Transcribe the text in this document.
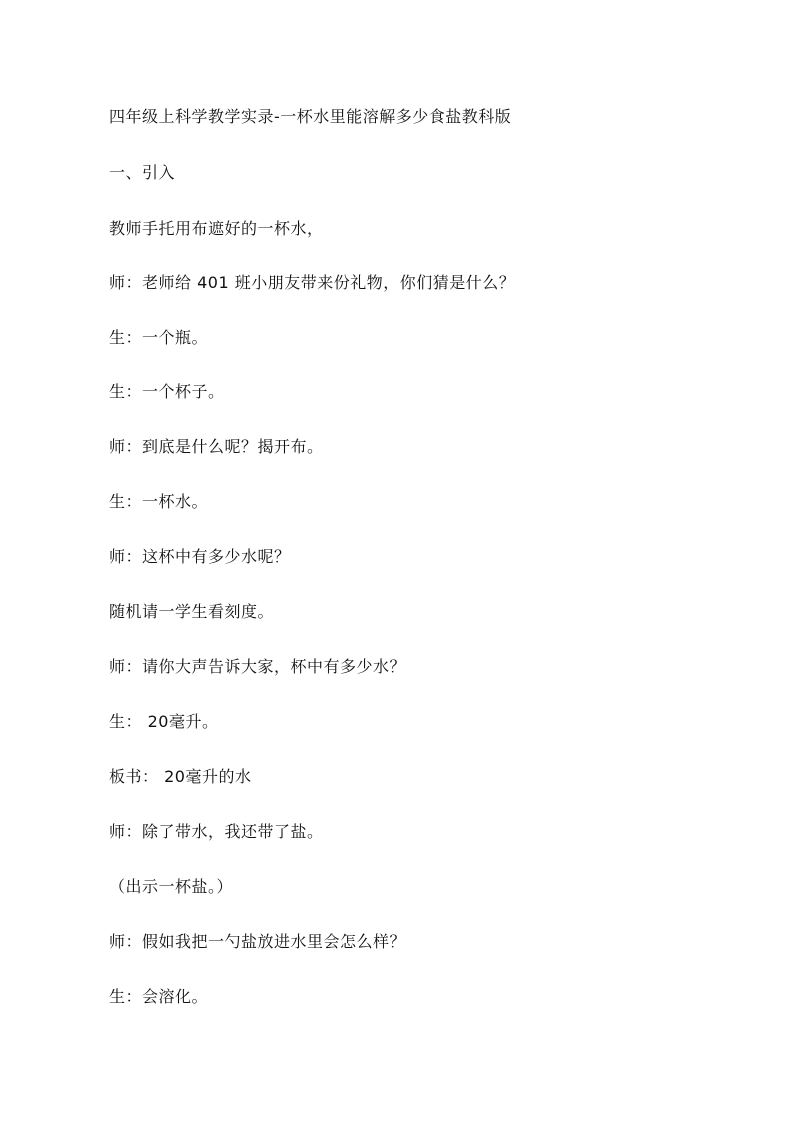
四年级上科学教学实录-一杯水里能溶解多少食盐教科版
一、引入
教师手托用布遮好的一杯水，
师：老师给 401 班小朋友带来份礼物，你们猜是什么？
生：一个瓶。
生：一个杯子。
师：到底是什么呢？揭开布。
生：一杯水。
师：这杯中有多少水呢？
随机请一学生看刻度。
师：请你大声告诉大家，杯中有多少水？
生： 20毫升。
板书： 20毫升的水
师：除了带水，我还带了盐。
（出示一杯盐。）
师：假如我把一勺盐放进水里会怎么样？
生：会溶化。
